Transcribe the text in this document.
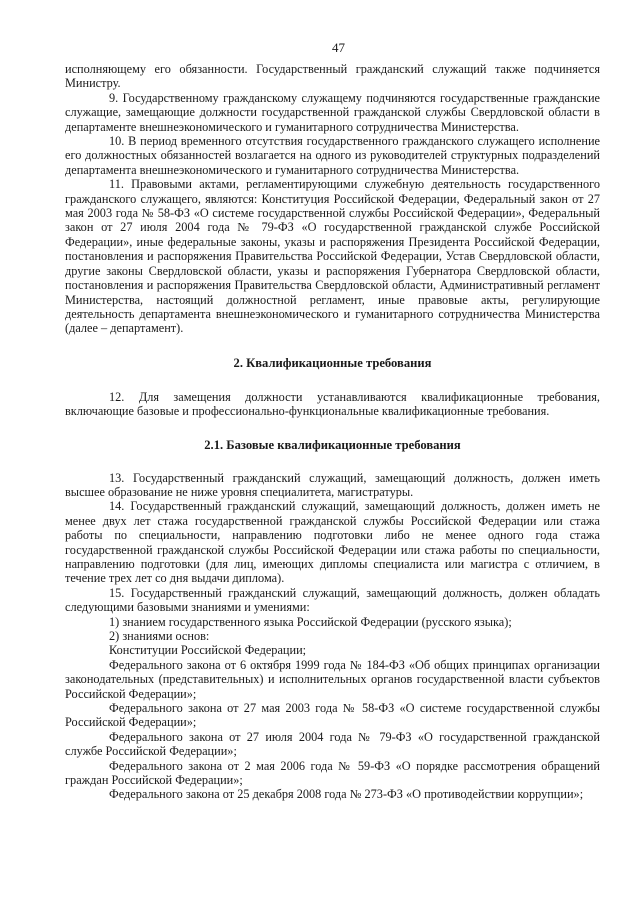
47

исполняющему его обязанности. Государственный гражданский служащий также подчиняется Министру.

9. Государственному гражданскому служащему подчиняются государственные гражданские служащие, замещающие должности государственной гражданской службы Свердловской области в департаменте внешнеэкономического и гуманитарного сотрудничества Министерства.

10. В период временного отсутствия государственного гражданского служащего исполнение его должностных обязанностей возлагается на одного из руководителей структурных подразделений департамента внешнеэкономического и гуманитарного сотрудничества Министерства.

11. Правовыми актами, регламентирующими служебную деятельность государственного гражданского служащего, являются: Конституция Российской Федерации, Федеральный закон от 27 мая 2003 года № 58-ФЗ «О системе государственной службы Российской Федерации», Федеральный закон от 27 июля 2004 года № 79-ФЗ «О государственной гражданской службе Российской Федерации», иные федеральные законы, указы и распоряжения Президента Российской Федерации, постановления и распоряжения Правительства Российской Федерации, Устав Свердловской области, другие законы Свердловской области, указы и распоряжения Губернатора Свердловской области, постановления и распоряжения Правительства Свердловской области, Административный регламент Министерства, настоящий должностной регламент, иные правовые акты, регулирующие деятельность департамента внешнеэкономического и гуманитарного сотрудничества Министерства (далее – департамент).

2. Квалификационные требования

12. Для замещения должности устанавливаются квалификационные требования, включающие базовые и профессионально-функциональные квалификационные требования.

2.1. Базовые квалификационные требования

13. Государственный гражданский служащий, замещающий должность, должен иметь высшее образование не ниже уровня специалитета, магистратуры.

14. Государственный гражданский служащий, замещающий должность, должен иметь не менее двух лет стажа государственной гражданской службы Российской Федерации или стажа работы по специальности, направлению подготовки либо не менее одного года стажа государственной гражданской службы Российской Федерации или стажа работы по специальности, направлению подготовки (для лиц, имеющих дипломы специалиста или магистра с отличием, в течение трех лет со дня выдачи диплома).

15. Государственный гражданский служащий, замещающий должность, должен обладать следующими базовыми знаниями и умениями:

1) знанием государственного языка Российской Федерации (русского языка);

2) знаниями основ:

Конституции Российской Федерации;

Федерального закона от 6 октября 1999 года № 184-ФЗ «Об общих принципах организации законодательных (представительных) и исполнительных органов государственной власти субъектов Российской Федерации»;

Федерального закона от 27 мая 2003 года № 58-ФЗ «О системе государственной службы Российской Федерации»;

Федерального закона от 27 июля 2004 года № 79-ФЗ «О государственной гражданской службе Российской Федерации»;

Федерального закона от 2 мая 2006 года № 59-ФЗ «О порядке рассмотрения обращений граждан Российской Федерации»;

Федерального закона от 25 декабря 2008 года № 273-ФЗ «О противодействии коррупции»;
